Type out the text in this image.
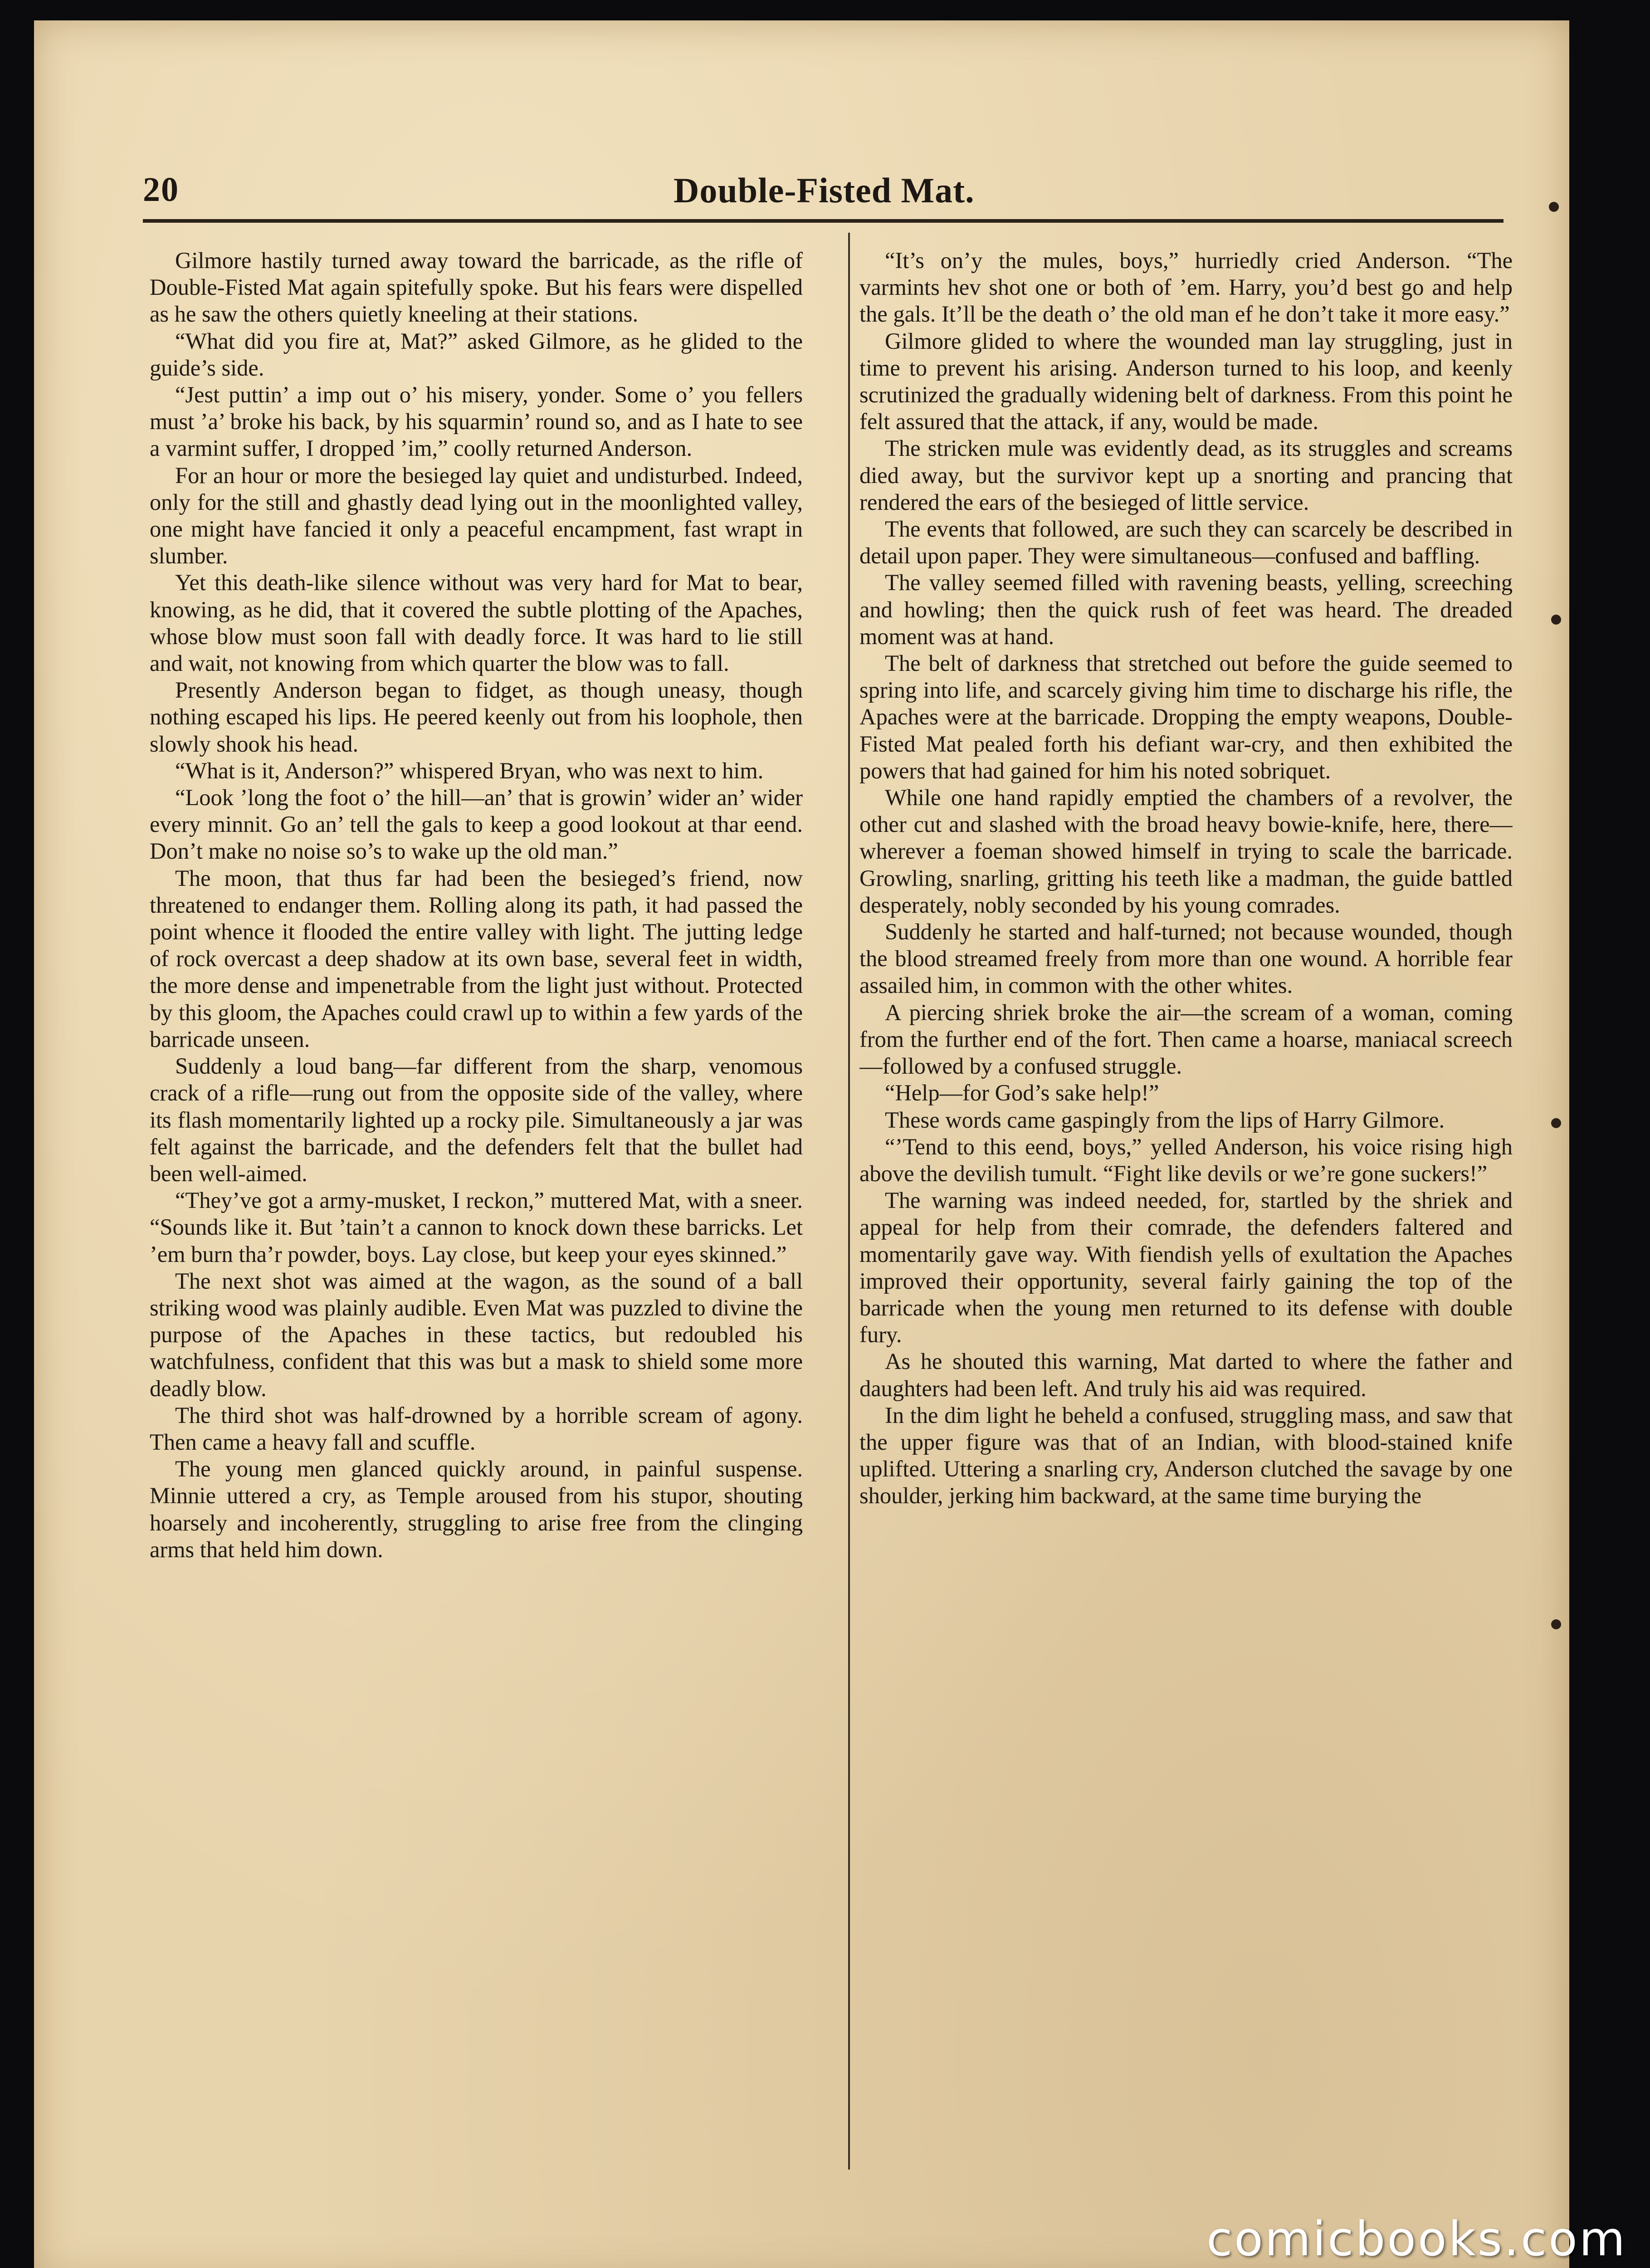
20	Double-Fisted Mat.

Gilmore hastily turned away toward the barricade, as the rifle of Double-Fisted Mat again spitefully spoke. But his fears were dispelled as he saw the others quietly kneeling at their stations.

“What did you fire at, Mat?” asked Gilmore, as he glided to the guide’s side.

“Jest puttin’ a imp out o’ his misery, yonder. Some o’ you fellers must ’a’ broke his back, by his squarmin’ round so, and as I hate to see a varmint suffer, I dropped ’im,” coolly returned Anderson.

For an hour or more the besieged lay quiet and undisturbed. Indeed, only for the still and ghastly dead lying out in the moonlighted valley, one might have fancied it only a peaceful encampment, fast wrapt in slumber.

Yet this death-like silence without was very hard for Mat to bear, knowing, as he did, that it covered the subtle plotting of the Apaches, whose blow must soon fall with deadly force. It was hard to lie still and wait, not knowing from which quarter the blow was to fall.

Presently Anderson began to fidget, as though uneasy, though nothing escaped his lips. He peered keenly out from his loophole, then slowly shook his head.

“What is it, Anderson?” whispered Bryan, who was next to him.

“Look ’long the foot o’ the hill—an’ that is growin’ wider an’ wider every minnit. Go an’ tell the gals to keep a good lookout at thar eend. Don’t make no noise so’s to wake up the old man.”

The moon, that thus far had been the besieged’s friend, now threatened to endanger them. Rolling along its path, it had passed the point whence it flooded the entire valley with light. The jutting ledge of rock overcast a deep shadow at its own base, several feet in width, the more dense and impenetrable from the light just without. Protected by this gloom, the Apaches could crawl up to within a few yards of the barricade unseen.

Suddenly a loud bang—far different from the sharp, venomous crack of a rifle—rung out from the opposite side of the valley, where its flash momentarily lighted up a rocky pile. Simultaneously a jar was felt against the barricade, and the defenders felt that the bullet had been well-aimed.

“They’ve got a army-musket, I reckon,” muttered Mat, with a sneer. “Sounds like it. But ’tain’t a cannon to knock down these barricks. Let ’em burn tha’r powder, boys. Lay close, but keep your eyes skinned.”

The next shot was aimed at the wagon, as the sound of a ball striking wood was plainly audible. Even Mat was puzzled to divine the purpose of the Apaches in these tactics, but redoubled his watchfulness, confident that this was but a mask to shield some more deadly blow.

The third shot was half-drowned by a horrible scream of agony. Then came a heavy fall and scuffle.

The young men glanced quickly around, in painful suspense. Minnie uttered a cry, as Temple aroused from his stupor, shouting hoarsely and incoherently, struggling to arise free from the clinging arms that held him down.

“It’s on’y the mules, boys,” hurriedly cried Anderson. “The varmints hev shot one or both of ’em. Harry, you’d best go and help the gals. It’ll be the death o’ the old man ef he don’t take it more easy.”

Gilmore glided to where the wounded man lay struggling, just in time to prevent his arising. Anderson turned to his loop, and keenly scrutinized the gradually widening belt of darkness. From this point he felt assured that the attack, if any, would be made.

The stricken mule was evidently dead, as its struggles and screams died away, but the survivor kept up a snorting and prancing that rendered the ears of the besieged of little service.

The events that followed, are such they can scarcely be described in detail upon paper. They were simultaneous—confused and baffling.

The valley seemed filled with ravening beasts, yelling, screeching and howling; then the quick rush of feet was heard. The dreaded moment was at hand.

The belt of darkness that stretched out before the guide seemed to spring into life, and scarcely giving him time to discharge his rifle, the Apaches were at the barricade. Dropping the empty weapons, Double-Fisted Mat pealed forth his defiant war-cry, and then exhibited the powers that had gained for him his noted sobriquet.

While one hand rapidly emptied the chambers of a revolver, the other cut and slashed with the broad heavy bowie-knife, here, there—wherever a foeman showed himself in trying to scale the barricade. Growling, snarling, gritting his teeth like a madman, the guide battled desperately, nobly seconded by his young comrades.

Suddenly he started and half-turned; not because wounded, though the blood streamed freely from more than one wound. A horrible fear assailed him, in common with the other whites.

A piercing shriek broke the air—the scream of a woman, coming from the further end of the fort. Then came a hoarse, maniacal screech—followed by a confused struggle.

“Help—for God’s sake help!”

These words came gaspingly from the lips of Harry Gilmore.

“’Tend to this eend, boys,” yelled Anderson, his voice rising high above the devilish tumult. “Fight like devils or we’re gone suckers!”

The warning was indeed needed, for, startled by the shriek and appeal for help from their comrade, the defenders faltered and momentarily gave way. With fiendish yells of exultation the Apaches improved their opportunity, several fairly gaining the top of the barricade when the young men returned to its defense with double fury.

As he shouted this warning, Mat darted to where the father and daughters had been left. And truly his aid was required.

In the dim light he beheld a confused, struggling mass, and saw that the upper figure was that of an Indian, with blood-stained knife uplifted. Uttering a snarling cry, Anderson clutched the savage by one shoulder, jerking him backward, at the same time burying the

comicbooks.com
